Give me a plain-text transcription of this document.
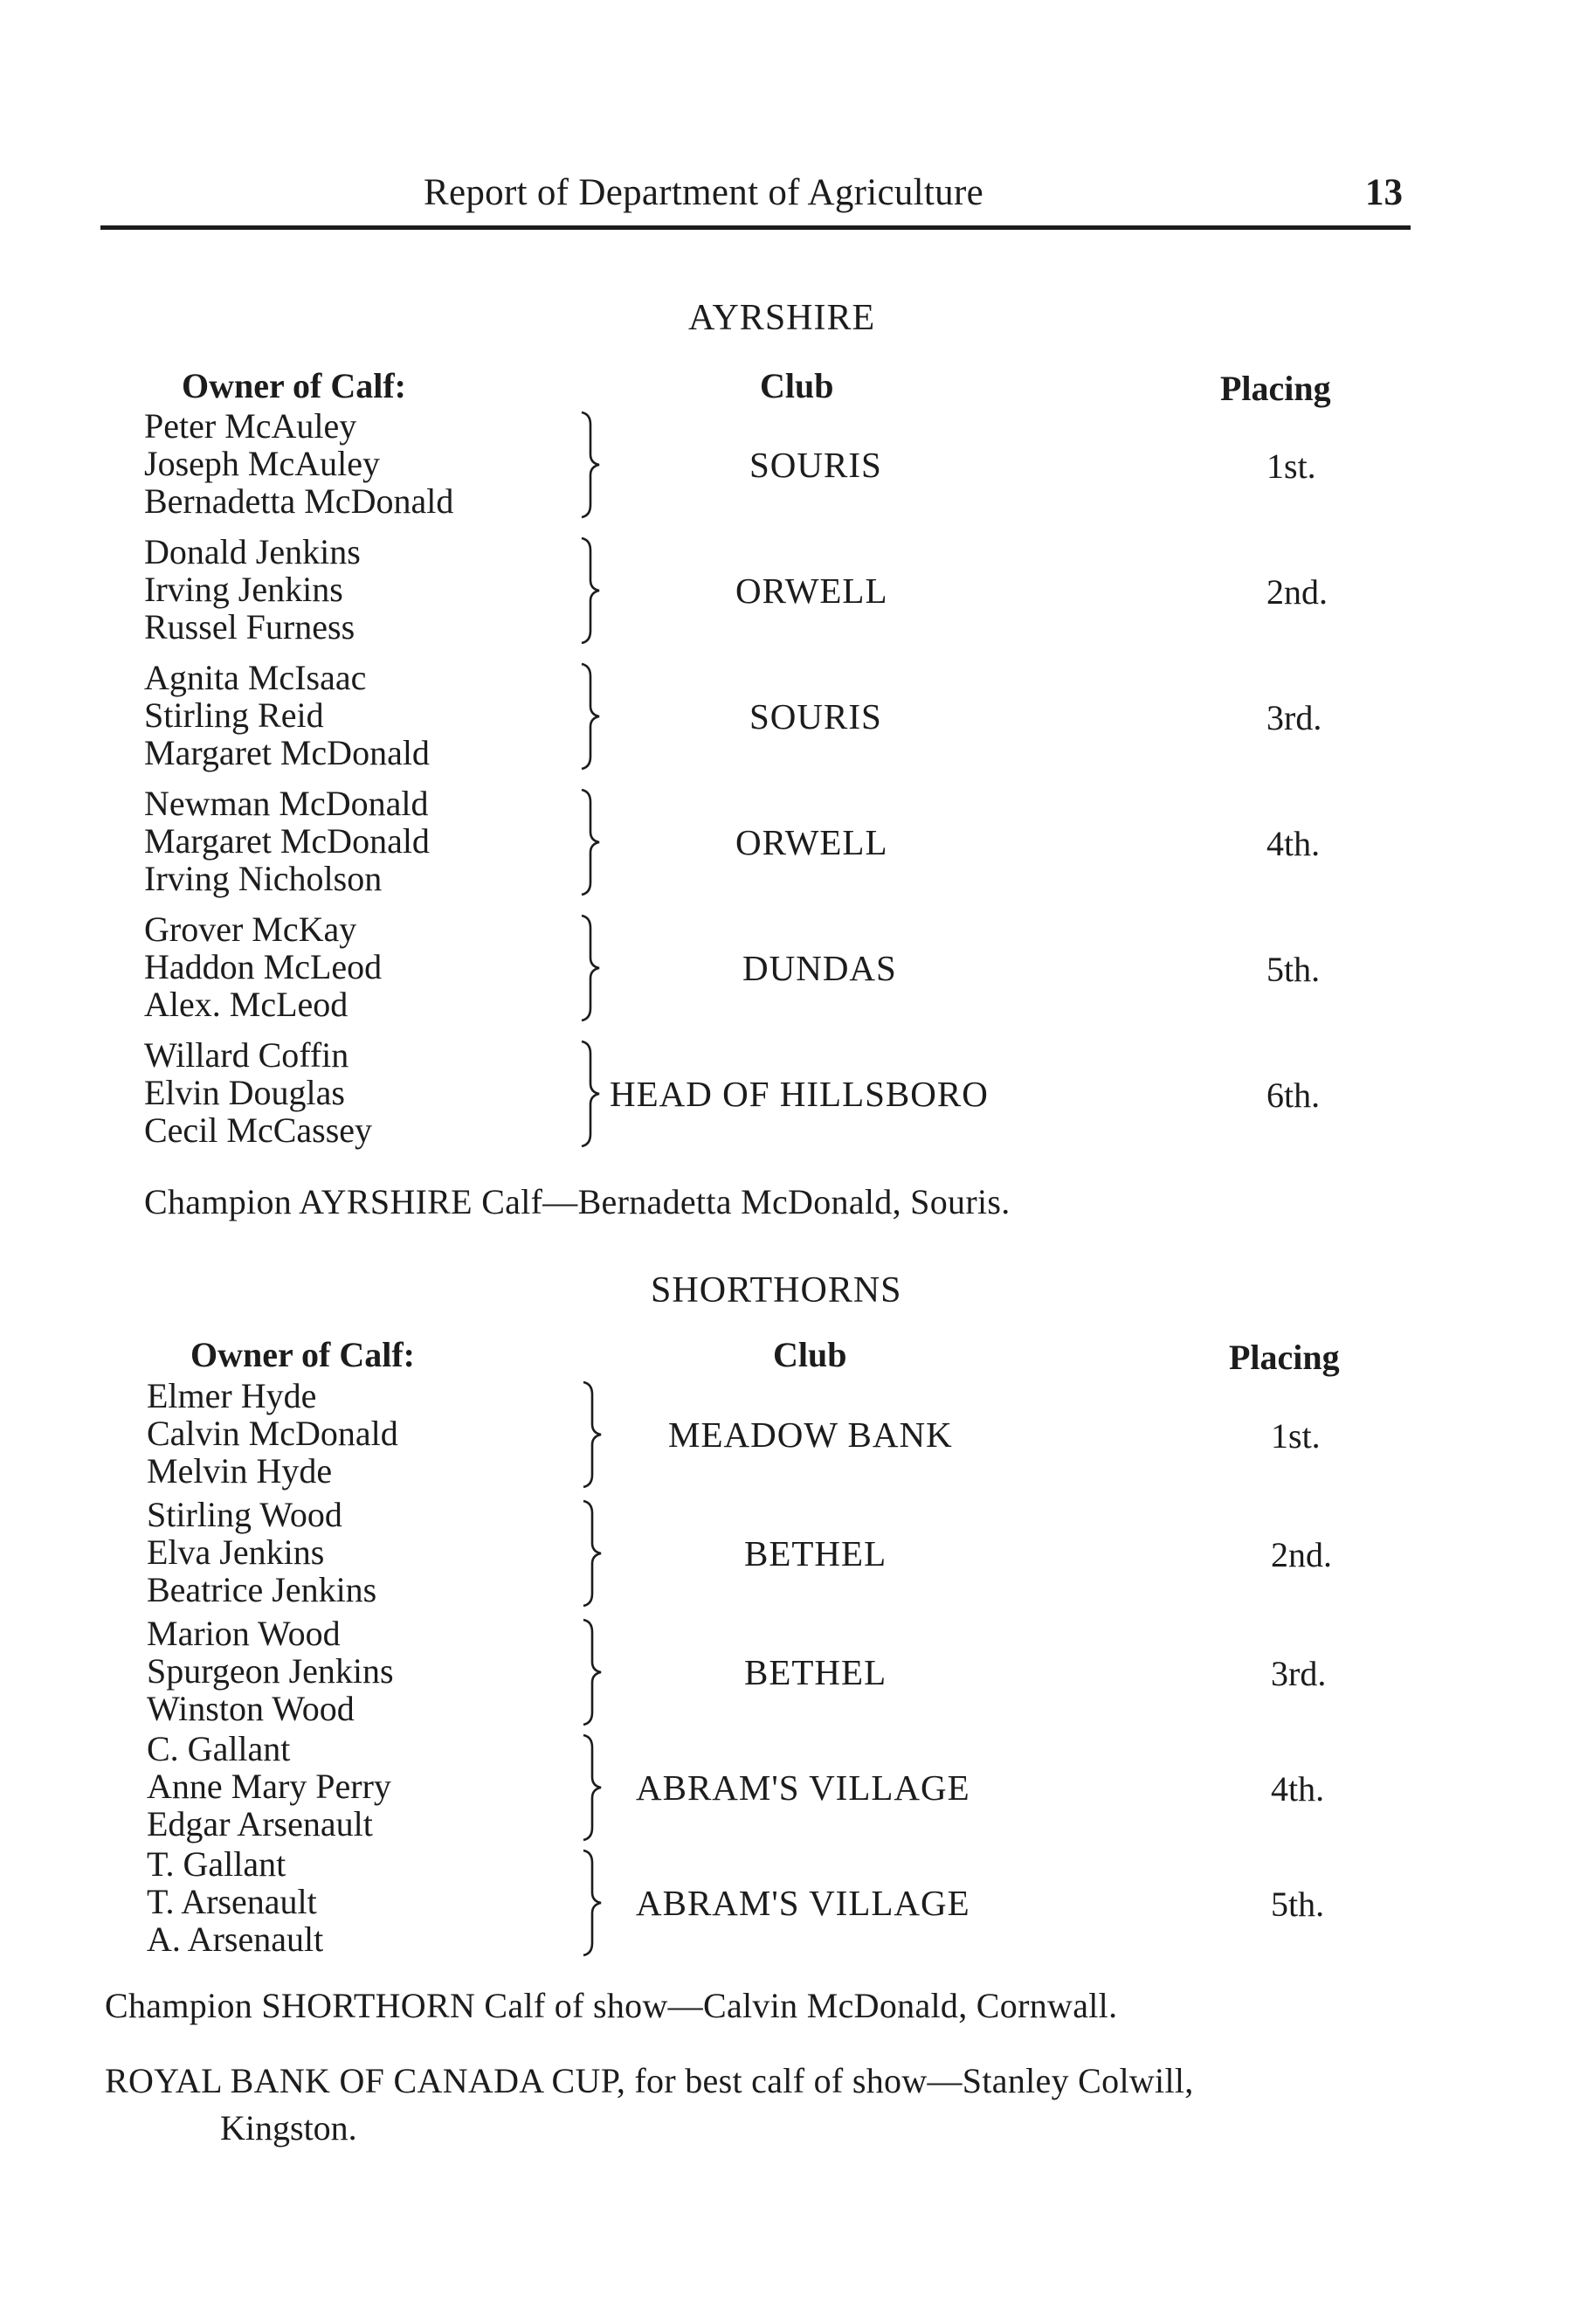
Report of Department of Agriculture	13
AYRSHIRE
Owner of Calf:	Club	Placing
Peter McAuley
Joseph McAuley
Bernadetta McDonald
SOURIS	1st.
Donald Jenkins
Irving Jenkins
Russel Furness
ORWELL	2nd.
Agnita McIsaac
Stirling Reid
Margaret McDonald
SOURIS	3rd.
Newman McDonald
Margaret McDonald
Irving Nicholson
ORWELL	4th.
Grover McKay
Haddon McLeod
Alex. McLeod
DUNDAS	5th.
Willard Coffin
Elvin Douglas
Cecil McCassey
HEAD OF HILLSBORO	6th.
Champion AYRSHIRE Calf—Bernadetta McDonald, Souris.
SHORTHORNS
Owner of Calf:	Club	Placing
Elmer Hyde
Calvin McDonald
Melvin Hyde
MEADOW BANK	1st.
Stirling Wood
Elva Jenkins
Beatrice Jenkins
BETHEL	2nd.
Marion Wood
Spurgeon Jenkins
Winston Wood
BETHEL	3rd.
C. Gallant
Anne Mary Perry
Edgar Arsenault
ABRAM'S VILLAGE	4th.
T. Gallant
T. Arsenault
A. Arsenault
ABRAM'S VILLAGE	5th.
Champion SHORTHORN Calf of show—Calvin McDonald, Cornwall.
ROYAL BANK OF CANADA CUP, for best calf of show—Stanley Colwill,
Kingston.
